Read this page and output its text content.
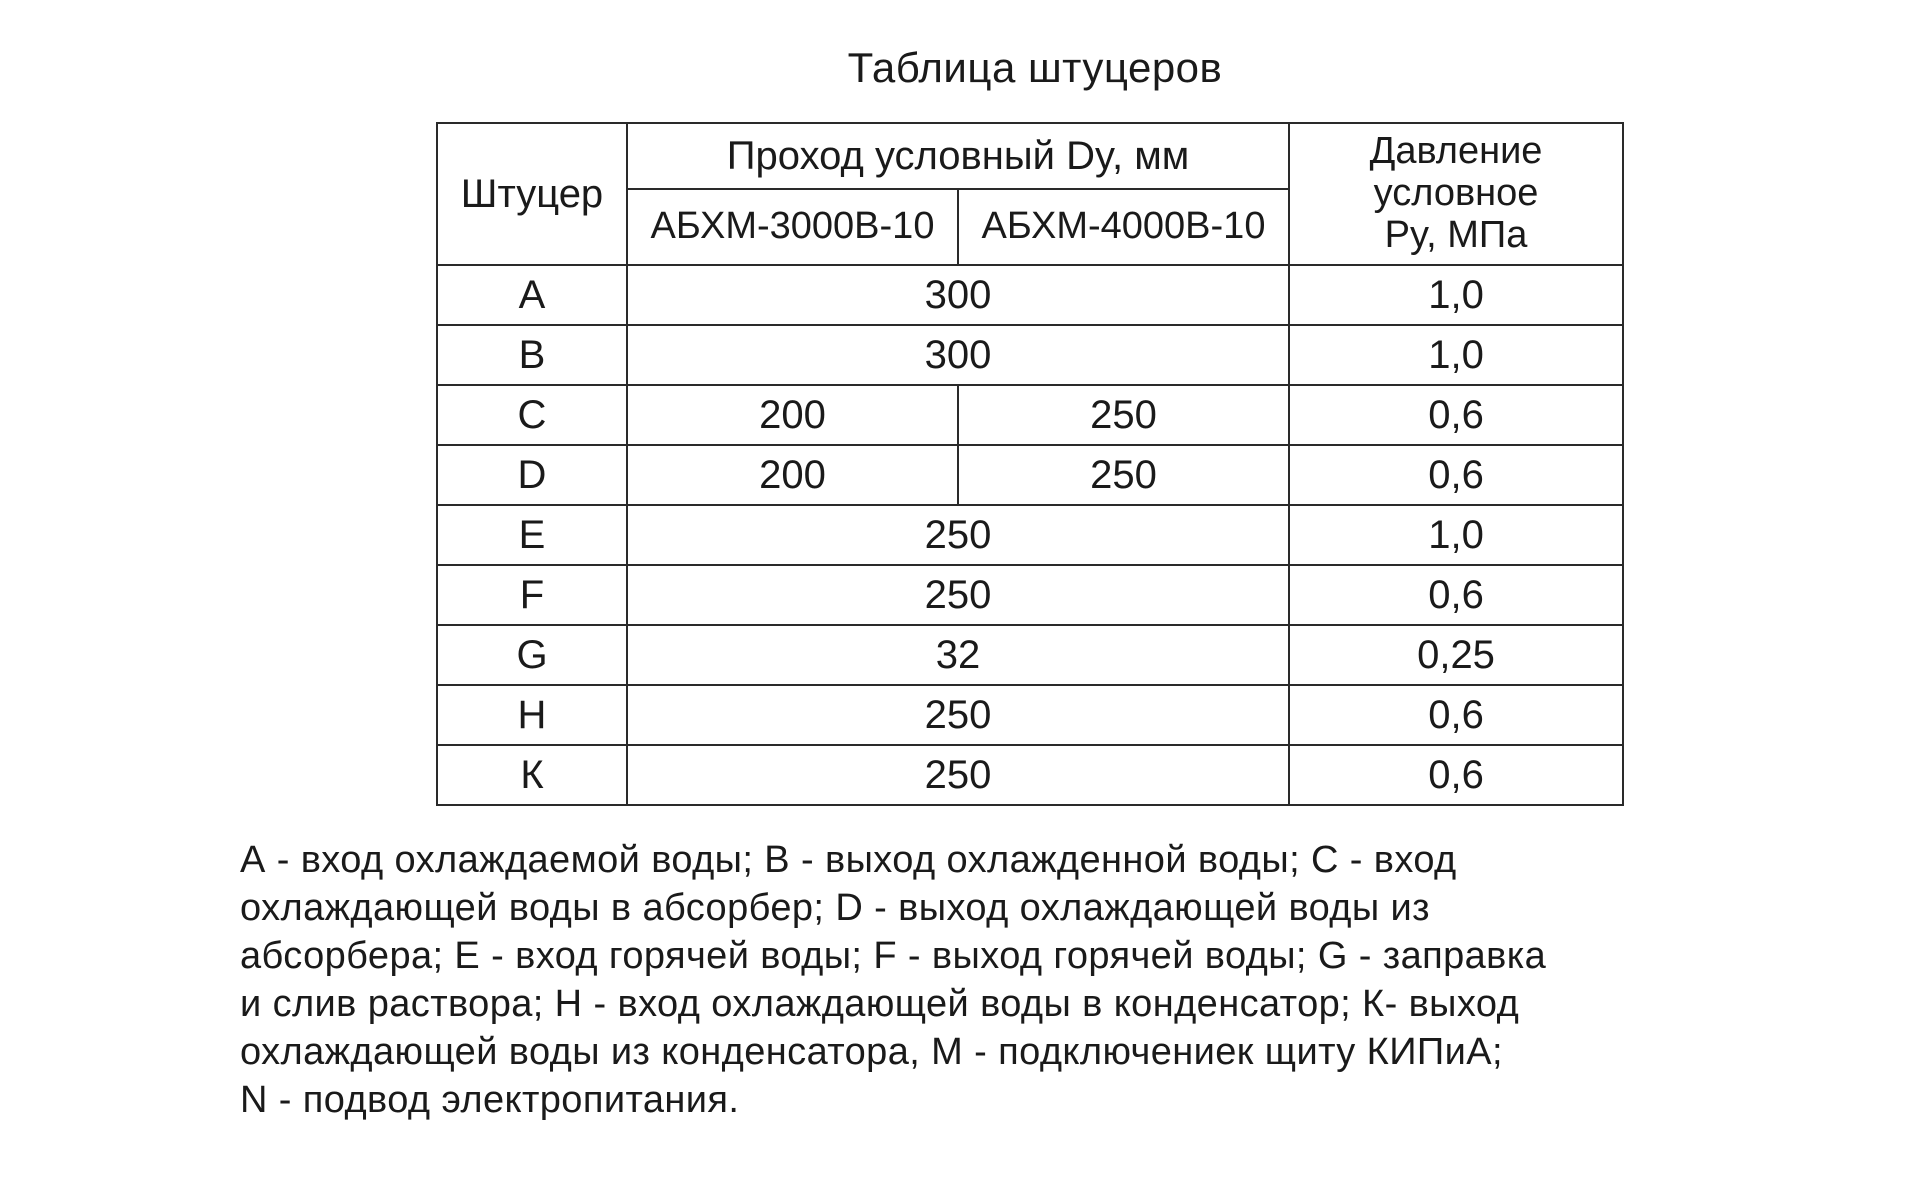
Таблица штуцеров
Штуцер	Проход условный Dy, мм		Давление условное
Py, МПа

	АБХМ-3000В-10	АБХМ-4000В-10	
A	300		1,0
B	300		1,0
C	200	250	0,6
D	200	250	0,6
E	250		1,0
F	250		0,6
G	32		0,25
H	250		0,6
К	250		0,6
А - вход охлаждаемой воды; В - выход охлажденной воды; С - вход
охлаждающей воды в абсорбер; D - выход охлаждающей воды из
абсорбера; Е - вход горячей воды; F - выход горячей воды; G - заправка
и слив раствора; Н - вход охлаждающей воды в конденсатор; К- выход
охлаждающей воды из конденсатора, М - подключениек щиту КИПиА;
N - подвод электропитания.
